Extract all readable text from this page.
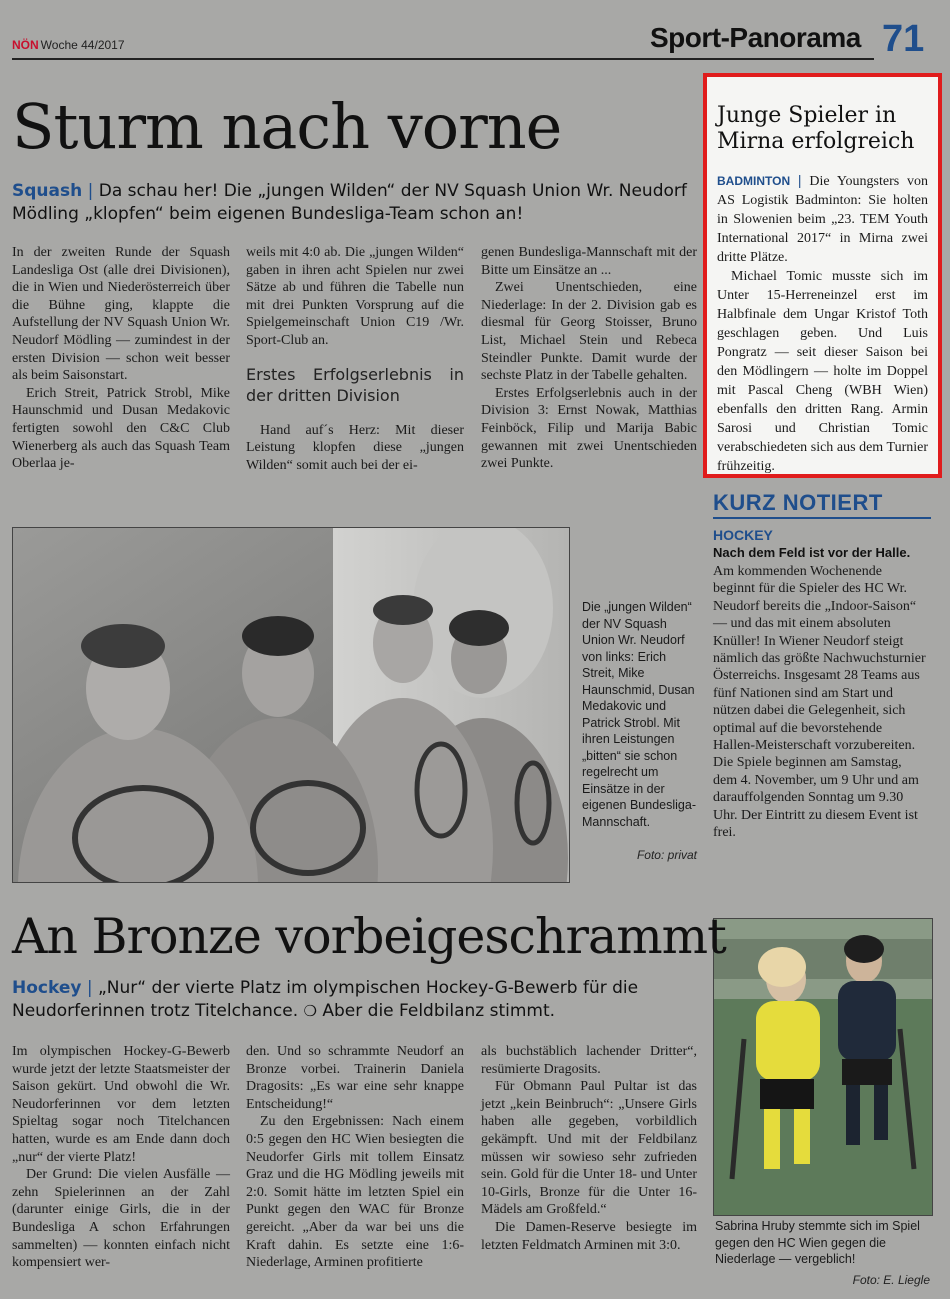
NÖN Woche 44/2017	Sport-Panorama 71
Sturm nach vorne
Squash | Da schau her! Die „jungen Wilden“ der NV Squash Union Wr. Neudorf Mödling „klopfen“ beim eigenen Bundesliga-Team schon an!

In der zweiten Runde der Squash Landesliga Ost (alle drei Divisionen), die in Wien und Niederösterreich über die Bühne ging, klappte die Aufstellung der NV Squash Union Wr. Neudorf Mödling — zumindest in der ersten Division — schon weit besser als beim Saisonstart.

Erich Streit, Patrick Strobl, Mike Haunschmid und Dusan Medakovic fertigten sowohl den C&C Club Wienerberg als auch das Squash Team Oberlaa je-

weils mit 4:0 ab. Die „jungen Wilden“ gaben in ihren acht Spielen nur zwei Sätze ab und führen die Tabelle nun mit drei Punkten Vorsprung auf die Spielgemeinschaft Union C19 /Wr. Sport-Club an.

Erstes Erfolgserlebnis in der dritten Division

Hand auf´s Herz: Mit dieser Leistung klopfen diese „jungen Wilden“ somit auch bei der ei-

genen Bundesliga-Mannschaft mit der Bitte um Einsätze an ...

Zwei Unentschieden, eine Niederlage: In der 2. Division gab es diesmal für Georg Stoisser, Bruno List, Michael Stein und Rebeca Steindler Punkte. Damit wurde der sechste Platz in der Tabelle gehalten.

Erstes Erfolgserlebnis auch in der Division 3: Ernst Nowak, Matthias Feinböck, Filip und Marija Babic gewannen mit zwei Unentschieden zwei Punkte.

Die „jungen Wilden“ der NV Squash Union Wr. Neudorf von links: Erich Streit, Mike Haunschmid, Dusan Medakovic und Patrick Strobl. Mit ihren Leistungen „bitten“ sie schon regelrecht um Einsätze in der eigenen Bundesliga-Mannschaft.
Foto: privat
Junge Spieler in Mirna erfolgreich

BADMINTON | Die Youngsters von AS Logistik Badminton: Sie holten in Slowenien beim „23. TEM Youth International 2017“ in Mirna zwei dritte Plätze.

Michael Tomic musste sich im Unter 15-Herreneinzel erst im Halbfinale dem Ungar Kristof Toth geschlagen geben. Und Luis Pongratz — seit dieser Saison bei den Mödlingern — holte im Doppel mit Pascal Cheng (WBH Wien) ebenfalls den dritten Rang. Armin Sarosi und Christian Tomic verabschiedeten sich aus dem Turnier frühzeitig.

KURZ NOTIERT
HOCKEY
Nach dem Feld ist vor der Halle.
Am kommenden Wochenende beginnt für die Spieler des HC Wr. Neudorf bereits die „Indoor-Saison“ — und das mit einem absoluten Knüller! In Wiener Neudorf steigt nämlich das größte Nachwuchsturnier Österreichs. Insgesamt 28 Teams aus fünf Nationen sind am Start und nützen dabei die Gelegenheit, sich optimal auf die bevorstehende Hallen-Meisterschaft vorzubereiten. Die Spiele beginnen am Samstag, dem 4. November, um 9 Uhr und am darauffolgenden Sonntag um 9.30 Uhr. Der Eintritt zu diesem Event ist frei.
Sabrina Hruby stemmte sich im Spiel gegen den HC Wien gegen die Niederlage — vergeblich!
Foto: E. Liegle
An Bronze vorbeigeschrammt
Hockey | „Nur“ der vierte Platz im olympischen Hockey-G-Bewerb für die Neudorferinnen trotz Titelchance. ❍ Aber die Feldbilanz stimmt.

Im olympischen Hockey-G-Bewerb wurde jetzt der letzte Staatsmeister der Saison gekürt. Und obwohl die Wr. Neudorferinnen vor dem letzten Spieltag sogar noch Titelchancen hatten, wurde es am Ende dann doch „nur“ der vierte Platz!

Der Grund: Die vielen Ausfälle — zehn Spielerinnen an der Zahl (darunter einige Girls, die in der Bundesliga A schon Erfahrungen sammelten) — konnten einfach nicht kompensiert wer-

den. Und so schrammte Neudorf an Bronze vorbei. Trainerin Daniela Dragosits: „Es war eine sehr knappe Entscheidung!“

Zu den Ergebnissen: Nach einem 0:5 gegen den HC Wien besiegten die Neudorfer Girls mit tollem Einsatz Graz und die HG Mödling jeweils mit 2:0. Somit hätte im letzten Spiel ein Punkt gegen den WAC für Bronze gereicht. „Aber da war bei uns die Kraft dahin. Es setzte eine 1:6-Niederlage, Arminen profitierte

als buchstäblich lachender Dritter“, resümierte Dragosits.

Für Obmann Paul Pultar ist das jetzt „kein Beinbruch“: „Unsere Girls haben alle gegeben, vorbildlich gekämpft. Und mit der Feldbilanz müssen wir sowieso sehr zufrieden sein. Gold für die Unter 18- und Unter 10-Girls, Bronze für die Unter 16-Mädels am Großfeld.“

Die Damen-Reserve besiegte im letzten Feldmatch Arminen mit 3:0.
